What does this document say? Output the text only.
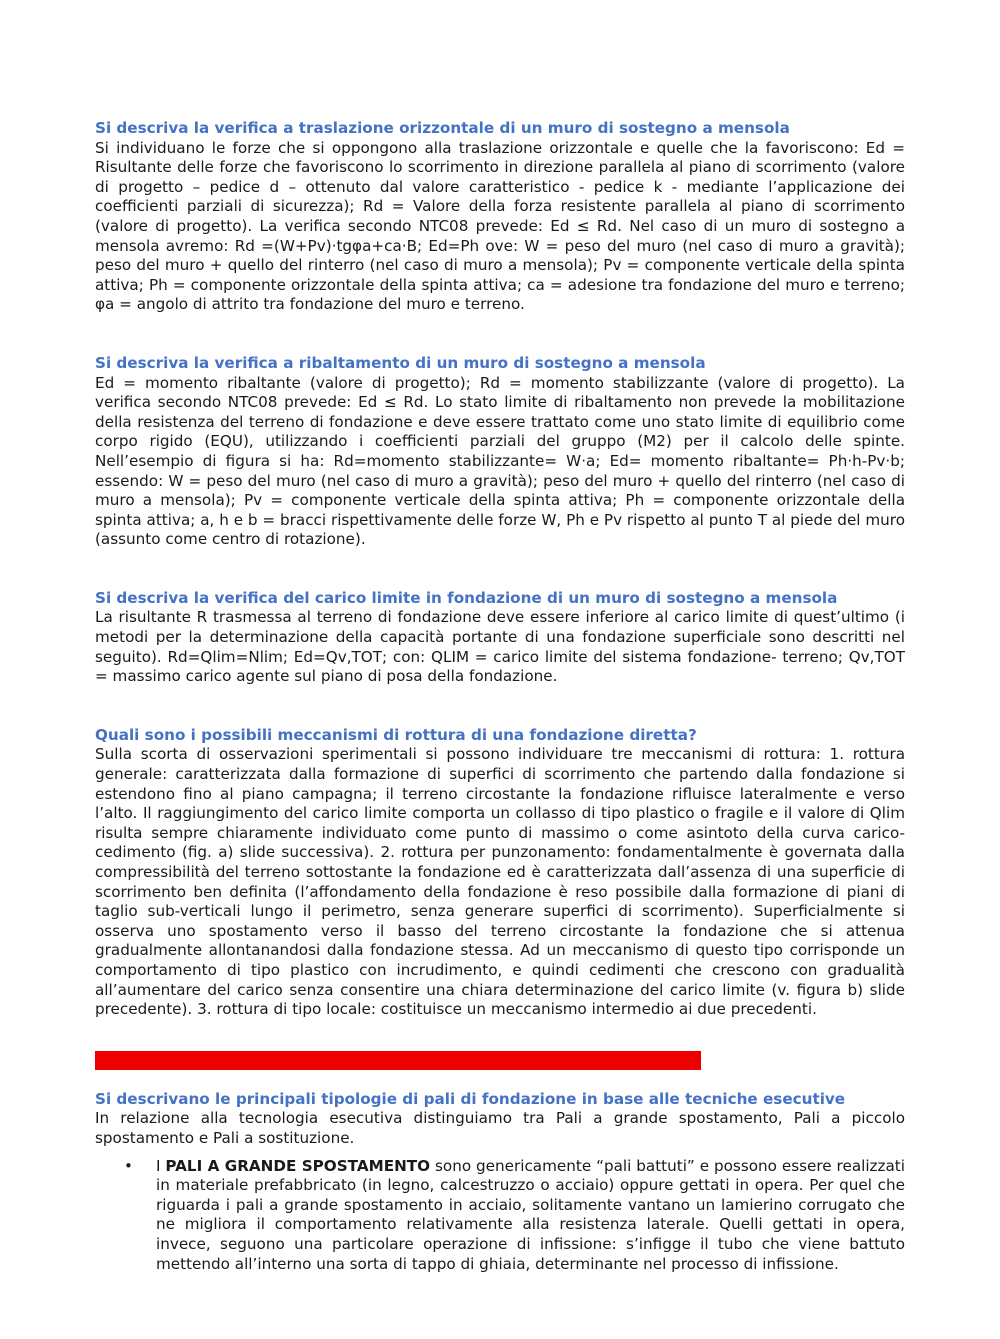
Si descriva la verifica a traslazione orizzontale di un muro di sostegno a mensola

Si individuano le forze che si oppongono alla traslazione orizzontale e quelle che la favoriscono: Ed = Risultante delle forze che favoriscono lo scorrimento in direzione parallela al piano di scorrimento (valore di progetto – pedice d – ottenuto dal valore caratteristico - pedice k - mediante l’applicazione dei coefficienti parziali di sicurezza); Rd = Valore della forza resistente parallela al piano di scorrimento (valore di progetto). La verifica secondo NTC08 prevede: Ed ≤ Rd. Nel caso di un muro di sostegno a mensola avremo: Rd =(W+Pv)·tgφa+ca·B; Ed=Ph ove: W = peso del muro (nel caso di muro a gravità); peso del muro + quello del rinterro (nel caso di muro a mensola); Pv = componente verticale della spinta attiva; Ph = componente orizzontale della spinta attiva; ca = adesione tra fondazione del muro e terreno; φa = angolo di attrito tra fondazione del muro e terreno.

Si descriva la verifica a ribaltamento di un muro di sostegno a mensola

Ed = momento ribaltante (valore di progetto); Rd = momento stabilizzante (valore di progetto). La verifica secondo NTC08 prevede: Ed ≤ Rd. Lo stato limite di ribaltamento non prevede la mobilitazione della resistenza del terreno di fondazione e deve essere trattato come uno stato limite di equilibrio come corpo rigido (EQU), utilizzando i coefficienti parziali del gruppo (M2) per il calcolo delle spinte. Nell’esempio di figura si ha: Rd=momento stabilizzante= W·a; Ed= momento ribaltante= Ph·h-Pv·b; essendo: W = peso del muro (nel caso di muro a gravità); peso del muro + quello del rinterro (nel caso di muro a mensola); Pv = componente verticale della spinta attiva; Ph = componente orizzontale della spinta attiva; a, h e b = bracci rispettivamente delle forze W, Ph e Pv rispetto al punto T al piede del muro (assunto come centro di rotazione).

Si descriva la verifica del carico limite in fondazione di un muro di sostegno a mensola

La risultante R trasmessa al terreno di fondazione deve essere inferiore al carico limite di quest’ultimo (i metodi per la determinazione della capacità portante di una fondazione superficiale sono descritti nel seguito). Rd=Qlim=Nlim; Ed=Qv,TOT; con: QLIM = carico limite del sistema fondazione- terreno; Qv,TOT = massimo carico agente sul piano di posa della fondazione.

Quali sono i possibili meccanismi di rottura di una fondazione diretta?

Sulla scorta di osservazioni sperimentali si possono individuare tre meccanismi di rottura: 1. rottura generale: caratterizzata dalla formazione di superfici di scorrimento che partendo dalla fondazione si estendono fino al piano campagna; il terreno circostante la fondazione rifluisce lateralmente e verso l’alto. Il raggiungimento del carico limite comporta un collasso di tipo plastico o fragile e il valore di Qlim risulta sempre chiaramente individuato come punto di massimo o come asintoto della curva carico-cedimento (fig. a) slide successiva). 2. rottura per punzonamento: fondamentalmente è governata dalla compressibilità del terreno sottostante la fondazione ed è caratterizzata dall’assenza di una superficie di scorrimento ben definita (l’affondamento della fondazione è reso possibile dalla formazione di piani di taglio sub-verticali lungo il perimetro, senza generare superfici di scorrimento). Superficialmente si osserva uno spostamento verso il basso del terreno circostante la fondazione che si attenua gradualmente allontanandosi dalla fondazione stessa. Ad un meccanismo di questo tipo corrisponde un comportamento di tipo plastico con incrudimento, e quindi cedimenti che crescono con gradualità all’aumentare del carico senza consentire una chiara determinazione del carico limite (v. figura b) slide precedente). 3. rottura di tipo locale: costituisce un meccanismo intermedio ai due precedenti.

Si descrivano le principali tipologie di pali di fondazione in base alle tecniche esecutive

In relazione alla tecnologia esecutiva distinguiamo tra Pali a grande spostamento, Pali a piccolo spostamento e Pali a sostituzione.

• I PALI A GRANDE SPOSTAMENTO sono genericamente “pali battuti” e possono essere realizzati in materiale prefabbricato (in legno, calcestruzzo o acciaio) oppure gettati in opera. Per quel che riguarda i pali a grande spostamento in acciaio, solitamente vantano un lamierino corrugato che ne migliora il comportamento relativamente alla resistenza laterale. Quelli gettati in opera, invece, seguono una particolare operazione di infissione: s’infigge il tubo che viene battuto mettendo all’interno una sorta di tappo di ghiaia, determinante nel processo di infissione.
